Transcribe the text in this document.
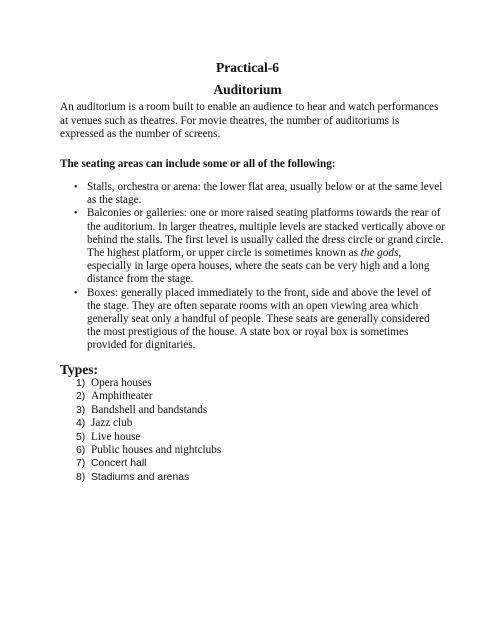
Practical-6
Auditorium

An auditorium is a room built to enable an audience to hear and watch performances at venues such as theatres. For movie theatres, the number of auditoriums is expressed as the number of screens.

The seating areas can include some or all of the following:

• Stalls, orchestra or arena: the lower flat area, usually below or at the same level as the stage.
• Balconies or galleries: one or more raised seating platforms towards the rear of the auditorium. In larger theatres, multiple levels are stacked vertically above or behind the stalls. The first level is usually called the dress circle or grand circle. The highest platform, or upper circle is sometimes known as the gods, especially in large opera houses, where the seats can be very high and a long distance from the stage.
• Boxes: generally placed immediately to the front, side and above the level of the stage. They are often separate rooms with an open viewing area which generally seat only a handful of people. These seats are generally considered the most prestigious of the house. A state box or royal box is sometimes provided for dignitaries.

Types:

1) Opera houses
2) Amphitheater
3) Bandshell and bandstands
4) Jazz club
5) Live house
6) Public houses and nightclubs
7) Concert hall
8) Stadiums and arenas
